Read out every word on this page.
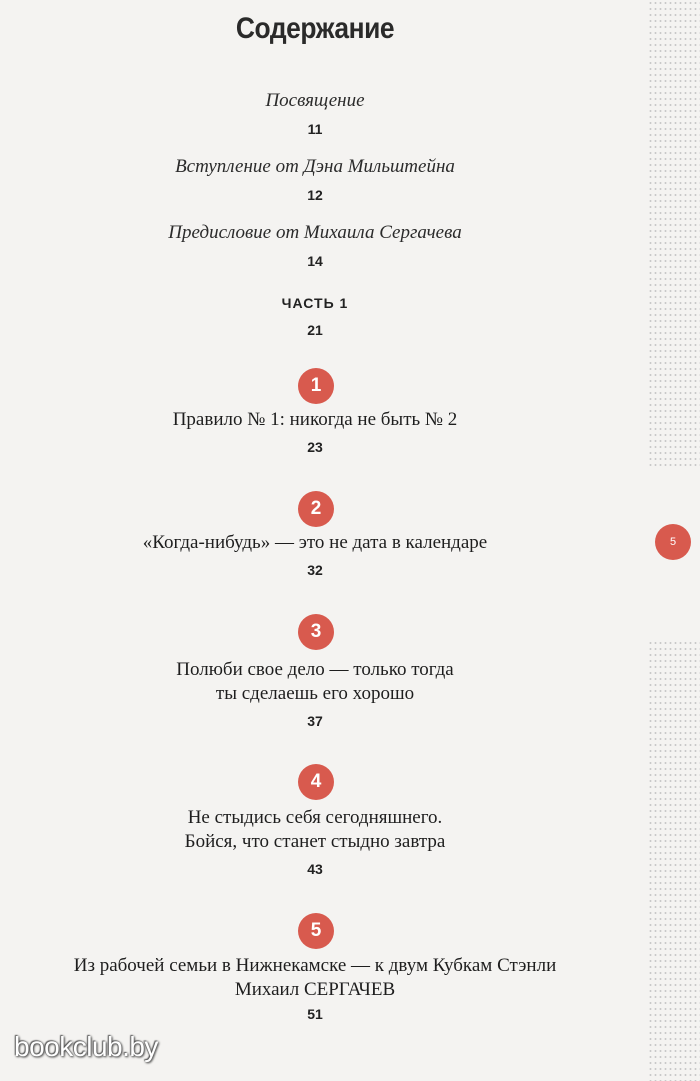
5
Содержание
Посвящение
11
Вступление от Дэна Мильштейна
12
Предисловие от Михаила Сергачева
14
ЧАСТЬ 1
21
1
Правило № 1: никогда не быть № 2
23
2
«Когда-нибудь» — это не дата в календаре
32
3
Полюби свое дело — только тогда
ты сделаешь его хорошо
37
4
Не стыдись себя сегодняшнего.
Бойся, что станет стыдно завтра
43
5
Из рабочей семьи в Нижнекамске — к двум Кубкам Стэнли
Михаил СЕРГАЧЕВ
51
bookclub.by
